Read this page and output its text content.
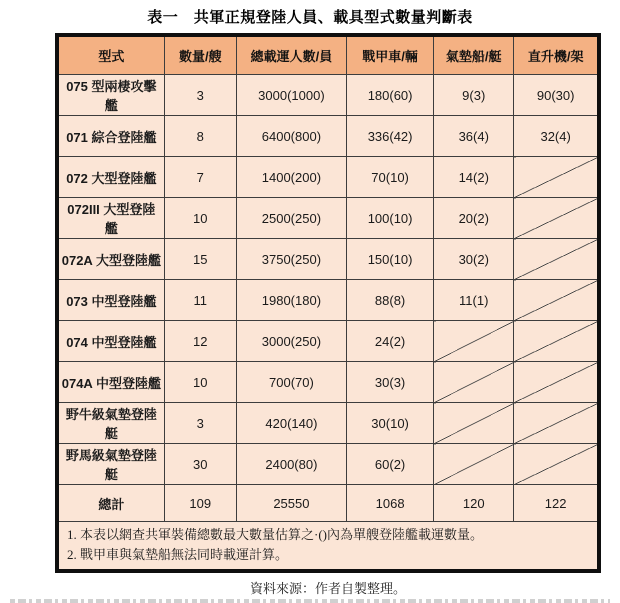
表一　共軍正規登陸人員、載具型式數量判斷表
型式	數量/艘	總載運人數/員	戰甲車/輛	氣墊船/艇	直升機/架
075 型兩棲攻擊艦	3	3000(1000)	180(60)	9(3)	90(30)
071 綜合登陸艦	8	6400(800)	336(42)	36(4)	32(4)
072 大型登陸艦	7	1400(200)	70(10)	14(2)	
072III 大型登陸艦	10	2500(250)	100(10)	20(2)	
072A 大型登陸艦	15	3750(250)	150(10)	30(2)	
073 中型登陸艦	11	1980(180)	88(8)	11(1)	
074 中型登陸艦	12	3000(250)	24(2)		
074A 中型登陸艦	10	700(70)	30(3)		
野牛級氣墊登陸艇	3	420(140)	30(10)		
野馬級氣墊登陸艇	30	2400(80)	60(2)		
總計	109	25550	1068	120	122

1. 本表以網查共軍裝備總數最大數量估算之·()內為單艘登陸艦載運數量。
2. 戰甲車與氣墊船無法同時載運計算。					
資料來源：作者自製整理。
